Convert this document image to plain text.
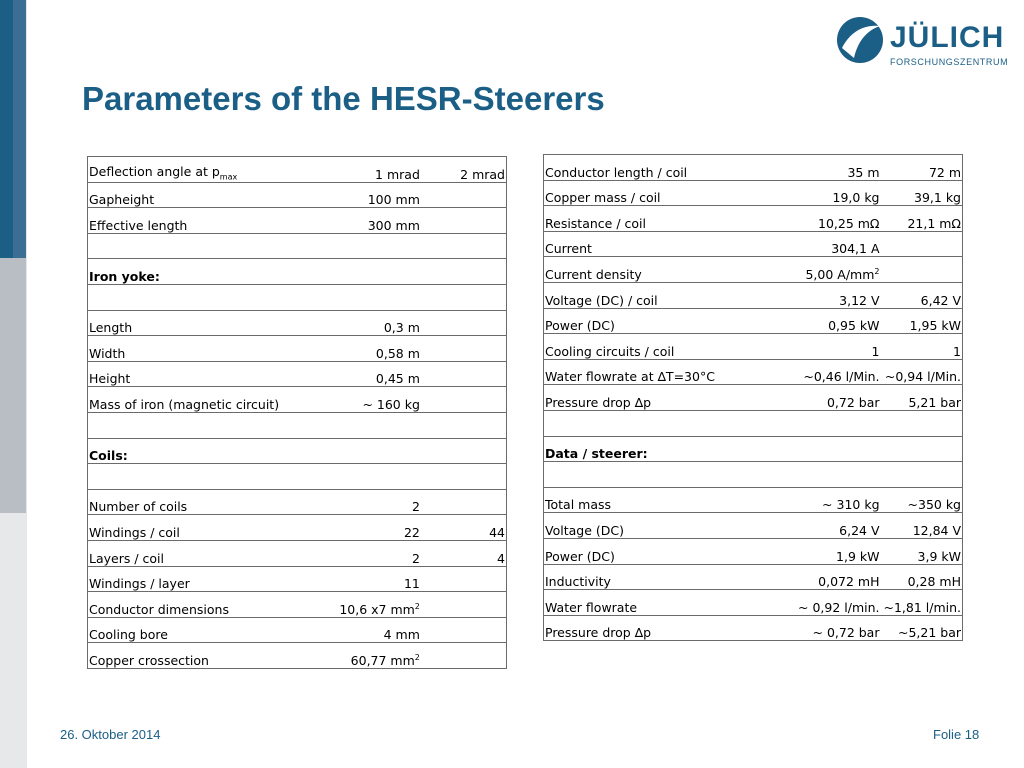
JÜLICH
FORSCHUNGSZENTRUM
Parameters of the HESR-Steerers
Deflection angle at $p_{max}$	1 mrad	2 mrad
Gapheight	100 mm	
Effective length	300 mm	

Iron yoke:		

Length	0,3 m	
Width	0,58 m	
Height	0,45 m	
Mass of iron (magnetic circuit)	~ 160 kg	

Coils:		

Number of coils	2	
Windings / coil	22	44
Layers / coil	2	4
Windings / layer	11	
Conductor dimensions	10,6 x7 $mm^2$	
Cooling bore	4 mm	
Copper crossection	60,77 $mm^2$	
Conductor length / coil	35 m	72 m
Copper mass / coil	19,0 kg	39,1 kg
Resistance / coil	10,25 mΩ	21,1 mΩ
Current	304,1 A	
Current density	5,00 $A/mm^2$	
Voltage (DC) / coil	3,12 V	6,42 V
Power (DC)	0,95 kW	1,95 kW
Cooling circuits / coil	1	1
Water flowrate at ∆T=30°C	~0,46 l/Min.	~0,94 l/Min.
Pressure drop ∆p	0,72 bar	5,21 bar

Data / steerer:		

Total mass	~ 310 kg	~350 kg
Voltage (DC)	6,24 V	12,84 V
Power (DC)	1,9 kW	3,9 kW
Inductivity	0,072 mH	0,28 mH
Water flowrate	~ 0,92 l/min.	~1,81 l/min.
Pressure drop ∆p	~ 0,72 bar	~5,21 bar
26. Oktober 2014	Folie 18
